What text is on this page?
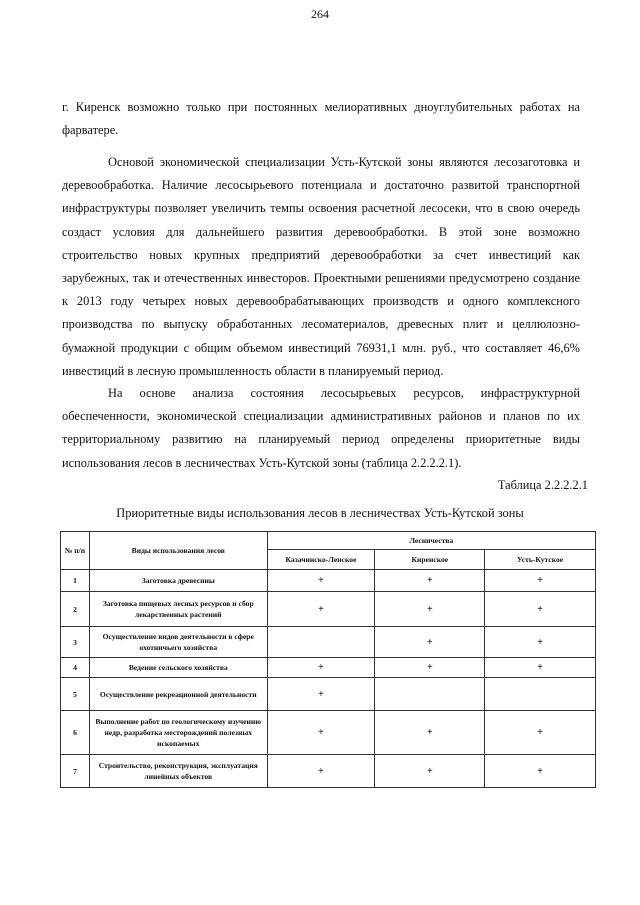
264
г. Киренск возможно только при постоянных мелиоративных дноуглубительных работах на фарватере.
Основой экономической специализации Усть-Кутской зоны являются лесозаготовка и деревообработка. Наличие лесосырьевого потенциала и достаточно развитой транспортной инфраструктуры позволяет увеличить темпы освоения расчетной лесосеки, что в свою очередь создаст условия для дальнейшего развития деревообработки. В этой зоне возможно строительство новых крупных предприятий деревообработки за счет инвестиций как зарубежных, так и отечественных инвесторов. Проектными решениями предусмотрено создание к 2013 году четырех новых деревообрабатывающих производств и одного комплексного производства по выпуску обработанных лесоматериалов, древесных плит и целлюлозно-бумажной продукции с общим объемом инвестиций 76931,1 млн. руб., что составляет 46,6% инвестиций в лесную промышленность области в планируемый период.
На основе анализа состояния лесосырьевых ресурсов, инфраструктурной обеспеченности, экономической специализации административных районов и планов по их территориальному развитию на планируемый период определены приоритетные виды использования лесов в лесничествах Усть-Кутской зоны (таблица 2.2.2.2.1).
Таблица 2.2.2.2.1
Приоритетные виды использования лесов в лесничествах Усть-Кутской зоны
№ п/п	Виды использования лесов	Лесничества		
		Казачинско-Ленское	Киренское	Усть-Кутское
1	Заготовка древесины	+	+	+
2	Заготовка пищевых лесных ресурсов и сбор лекарственных растений	+	+	+
3	Осуществление видов деятельности в сфере охотничьего хозяйства		+	+
4	Ведение сельского хозяйства	+	+	+
5	Осуществление рекреационной деятельности	+		
6	Выполнение работ по геологическому изучению недр, разработка месторождений полезных ископаемых	+	+	+
7	Строительство, реконструкция, эксплуатация линейных объектов	+	+	+
